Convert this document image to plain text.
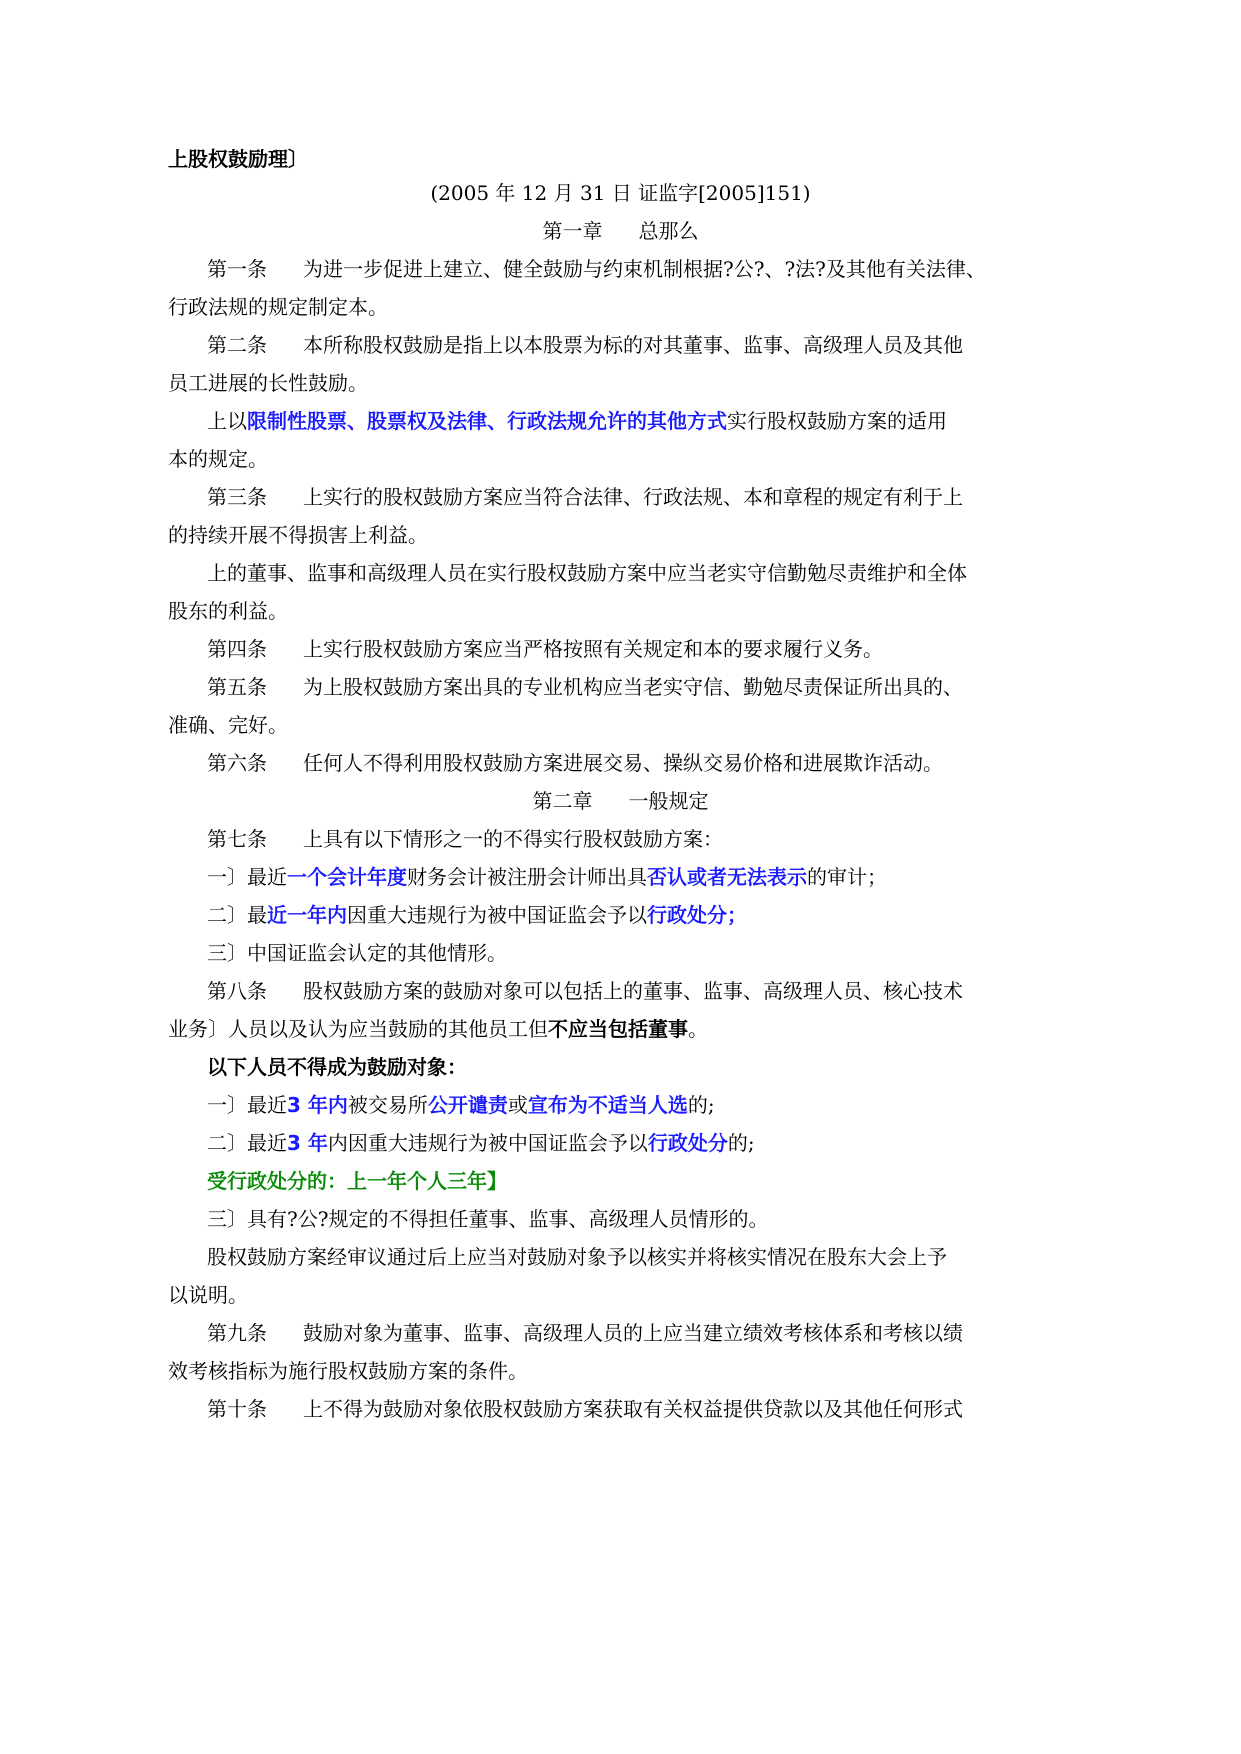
上股权鼓励理〕
(2005 年 12 月 31 日 证监字[2005]151)
第一章 总那么
第一条 为进一步促进上建立、健全鼓励与约束机制根据?公?、?法?及其他有关法律、
行政法规的规定制定本。
第二条 本所称股权鼓励是指上以本股票为标的对其董事、监事、高级理人员及其他
员工进展的长性鼓励。
上以限制性股票、股票权及法律、行政法规允许的其他方式实行股权鼓励方案的适用
本的规定。
第三条 上实行的股权鼓励方案应当符合法律、行政法规、本和章程的规定有利于上
的持续开展不得损害上利益。
上的董事、监事和高级理人员在实行股权鼓励方案中应当老实守信勤勉尽责维护和全体
股东的利益。
第四条 上实行股权鼓励方案应当严格按照有关规定和本的要求履行义务。
第五条 为上股权鼓励方案出具的专业机构应当老实守信、勤勉尽责保证所出具的、
准确、完好。
第六条 任何人不得利用股权鼓励方案进展交易、操纵交易价格和进展欺诈活动。
第二章 一般规定
第七条 上具有以下情形之一的不得实行股权鼓励方案：
一〕最近一个会计年度财务会计被注册会计师出具否认或者无法表示的审计；
二〕最近一年内因重大违规行为被中国证监会予以行政处分；
三〕中国证监会认定的其他情形。
第八条 股权鼓励方案的鼓励对象可以包括上的董事、监事、高级理人员、核心技术
业务〕人员以及认为应当鼓励的其他员工但不应当包括董事。
以下人员不得成为鼓励对象：
一〕最近3 年内被交易所公开谴责或宣布为不适当人选的;
二〕最近3 年内因重大违规行为被中国证监会予以行政处分的;
受行政处分的：上一年个人三年】
三〕具有?公?规定的不得担任董事、监事、高级理人员情形的。
股权鼓励方案经审议通过后上应当对鼓励对象予以核实并将核实情况在股东大会上予
以说明。
第九条 鼓励对象为董事、监事、高级理人员的上应当建立绩效考核体系和考核以绩
效考核指标为施行股权鼓励方案的条件。
第十条 上不得为鼓励对象依股权鼓励方案获取有关权益提供贷款以及其他任何形式
